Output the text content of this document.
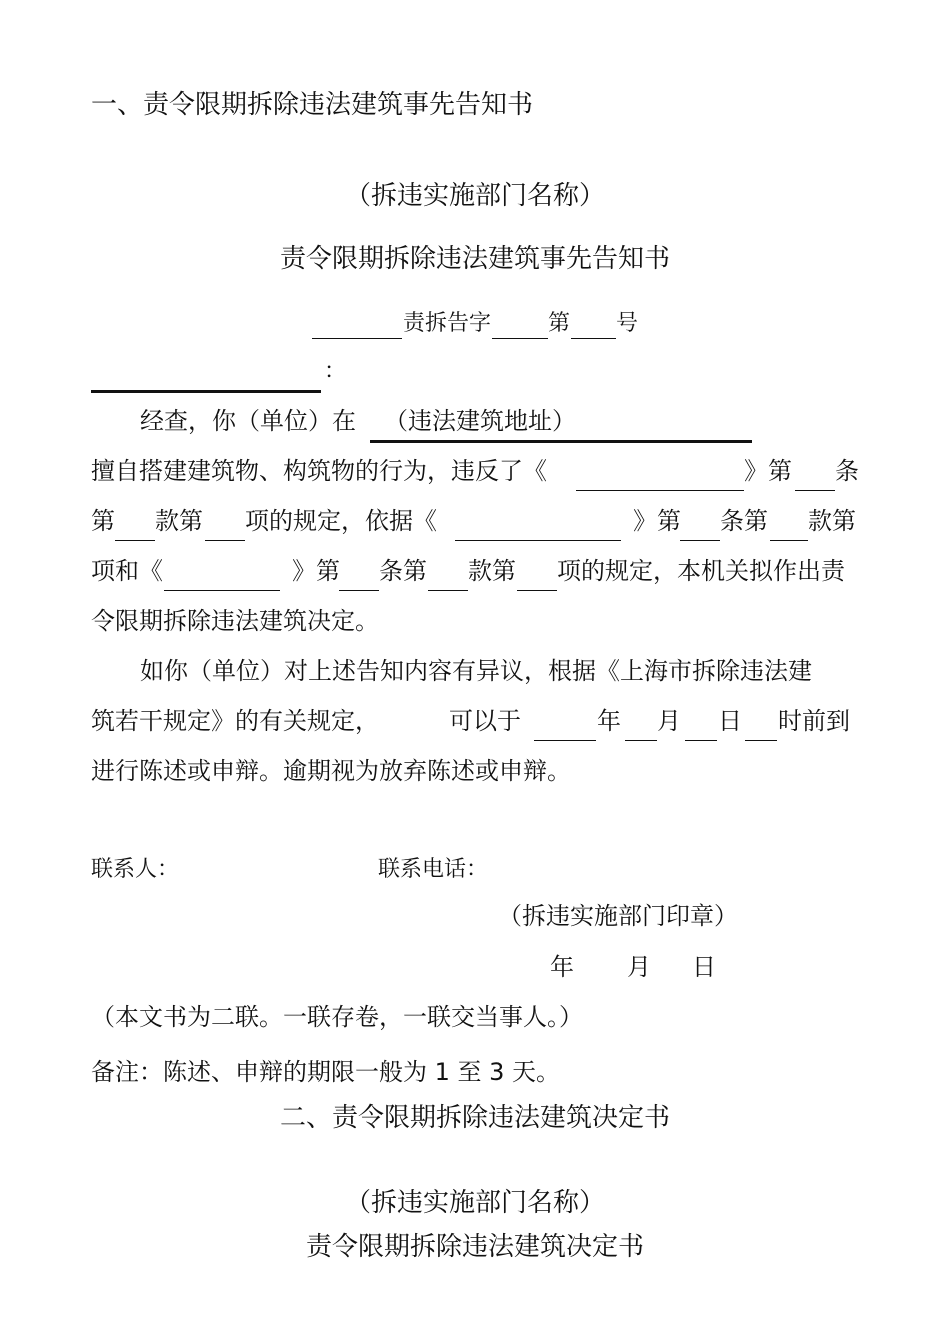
一、责令限期拆除违法建筑事先告知书
（拆违实施部门名称）
责令限期拆除违法建筑事先告知书
责拆告字	第 号
：
经查，你（单位）在 （违法建筑地址）
擅自搭建建筑物、构筑物的行为，违反了《	》第 条
第 款第 项的规定，依据《	》第 条第 款第
项和《	》第 条第 款第 项的规定，本机关拟作出责
令限期拆除违法建筑决定。
如你（单位）对上述告知内容有异议，根据《上海市拆除违法建
筑若干规定》的有关规定，	可以于	年 月 日 时前到
进行陈述或申辩。逾期视为放弃陈述或申辩。
联系人：	联系电话：
（拆违实施部门印章）
年 月 日
（本文书为二联。一联存卷，一联交当事人。）
备注：陈述、申辩的期限一般为 1 至 3 天。
二、责令限期拆除违法建筑决定书
（拆违实施部门名称）
责令限期拆除违法建筑决定书
